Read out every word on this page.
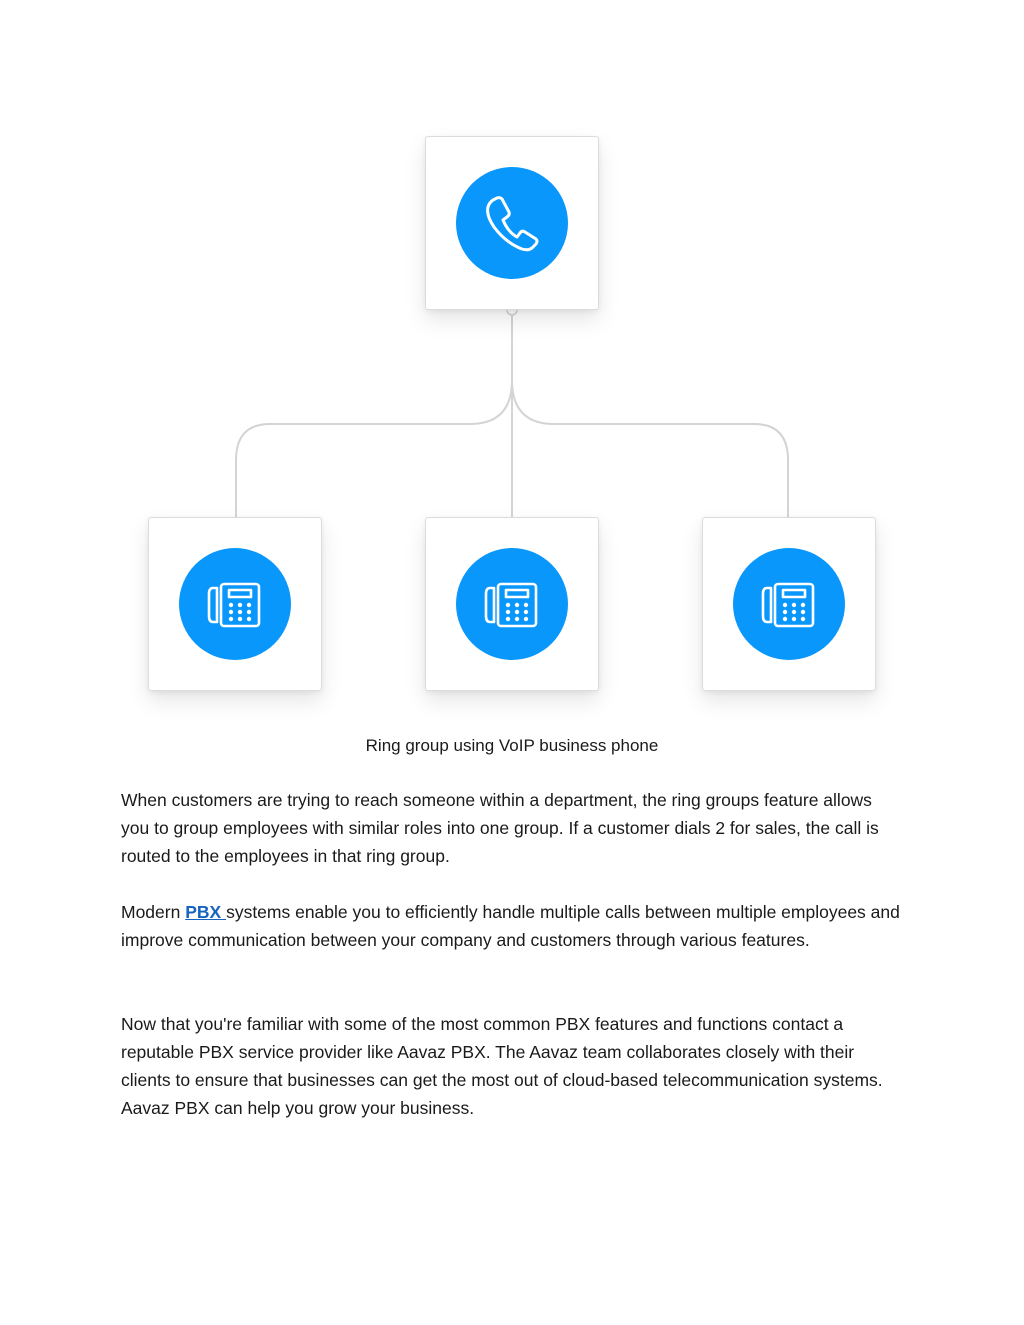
Ring group using VoIP business phone

When customers are trying to reach someone within a department, the ring groups feature allows you to group employees with similar roles into one group. If a customer dials 2 for sales, the call is routed to the employees in that ring group.

Modern PBX systems enable you to efficiently handle multiple calls between multiple employees and improve communication between your company and customers through various features.

Now that you're familiar with some of the most common PBX features and functions contact a reputable PBX service provider like Aavaz PBX. The Aavaz team collaborates closely with their clients to ensure that businesses can get the most out of cloud-based telecommunication systems. Aavaz PBX can help you grow your business.
